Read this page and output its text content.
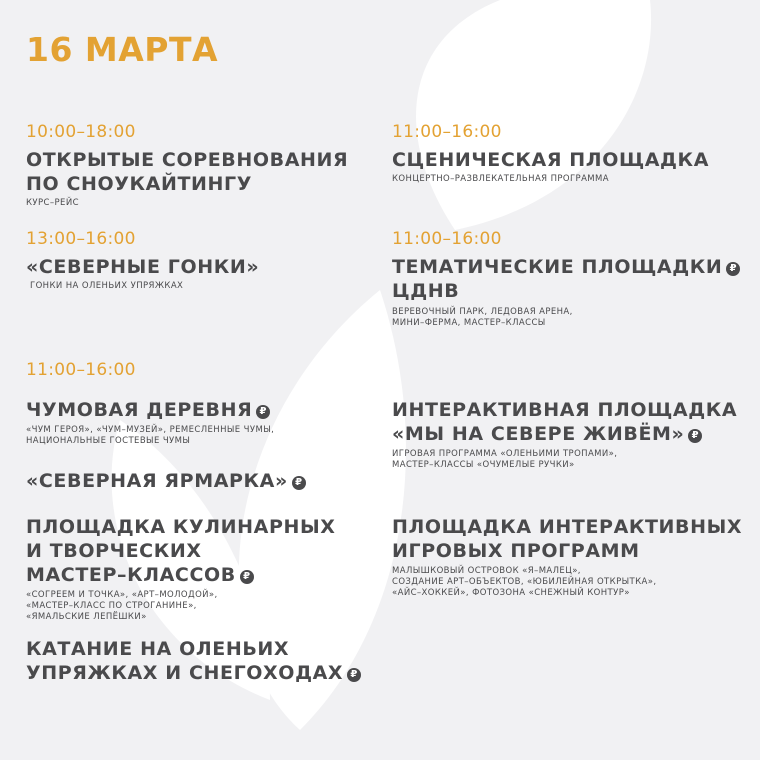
16 МАРТА
10:00–18:00
ОТКРЫТЫЕ СОРЕВНОВАНИЯ
ПО СНОУКАЙТИНГУ
КУРС–РЕЙС
13:00–16:00
«СЕВЕРНЫЕ ГОНКИ»
ГОНКИ НА ОЛЕНЬИХ УПРЯЖКАХ
11:00–16:00
СЦЕНИЧЕСКАЯ ПЛОЩАДКА
КОНЦЕРТНО–РАЗВЛЕКАТЕЛЬНАЯ ПРОГРАММА
11:00–16:00
ТЕМАТИЧЕСКИЕ ПЛОЩАДКИ ₽
ЦДНВ
ВЕРЕВОЧНЫЙ ПАРК, ЛЕДОВАЯ АРЕНА,
МИНИ–ФЕРМА, МАСТЕР–КЛАССЫ
11:00–16:00
ЧУМОВАЯ ДЕРЕВНЯ ₽
«ЧУМ ГЕРОЯ», «ЧУМ–МУЗЕЙ», РЕМЕСЛЕННЫЕ ЧУМЫ,
НАЦИОНАЛЬНЫЕ ГОСТЕВЫЕ ЧУМЫ
«СЕВЕРНАЯ ЯРМАРКА» ₽
ПЛОЩАДКА КУЛИНАРНЫХ
И ТВОРЧЕСКИХ
МАСТЕР–КЛАССОВ ₽
«СОГРЕЕМ И ТОЧКА», «АРТ–МОЛОДОЙ»,
«МАСТЕР–КЛАСС ПО СТРОГАНИНЕ»,
«ЯМАЛЬСКИЕ ЛЕПЁШКИ»
КАТАНИЕ НА ОЛЕНЬИХ
УПРЯЖКАХ И СНЕГОХОДАХ ₽
ИНТЕРАКТИВНАЯ ПЛОЩАДКА
«МЫ НА СЕВЕРЕ ЖИВЁМ» ₽
ИГРОВАЯ ПРОГРАММА «ОЛЕНЬИМИ ТРОПАМИ»,
МАСТЕР–КЛАССЫ «ОЧУМЕЛЫЕ РУЧКИ»
ПЛОЩАДКА ИНТЕРАКТИВНЫХ
ИГРОВЫХ ПРОГРАММ
МАЛЫШКОВЫЙ ОСТРОВОК «Я–МАЛЕЦ»,
СОЗДАНИЕ АРТ–ОБЪЕКТОВ, «ЮБИЛЕЙНАЯ ОТКРЫТКА»,
«АЙС–ХОККЕЙ», ФОТОЗОНА «СНЕЖНЫЙ КОНТУР»
